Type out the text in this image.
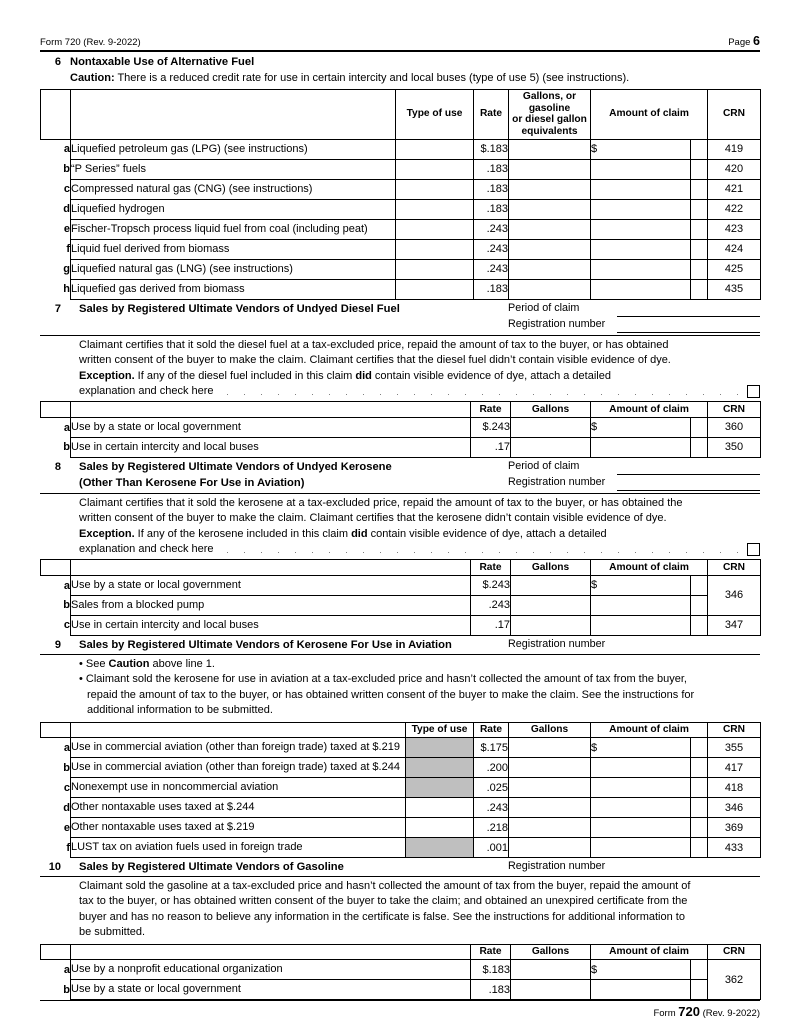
Form 720 (Rev. 9-2022)	Page 6
6 Nontaxable Use of Alternative Fuel
Caution: There is a reduced credit rate for use in certain intercity and local buses (type of use 5) (see instructions).
		Type of use	Rate	Gallons, or gasoline
or diesel gallon
equivalents	Amount of claim		CRN
a	Liquefied petroleum gas (LPG) (see instructions)		$.183		$		419
b	“P Series” fuels		.183				420
c	Compressed natural gas (CNG) (see instructions)		.183				421
d	Liquefied hydrogen		.183				422
e	Fischer-Tropsch process liquid fuel from coal (including peat)		.243				423
f	Liquid fuel derived from biomass		.243				424
g	Liquefied natural gas (LNG) (see instructions)		.243				425
h	Liquefied gas derived from biomass		.183				435
7	Sales by Registered Ultimate Vendors of Undyed Diesel Fuel	Period of claim
Registration number
Claimant certifies that it sold the diesel fuel at a tax-excluded price, repaid the amount of tax to the buyer, or has obtained
written consent of the buyer to make the claim. Claimant certifies that the diesel fuel didn’t contain visible evidence of dye.
Exception. If any of the diesel fuel included in this claim did contain visible evidence of dye, attach a detailed
explanation and check here
		Rate	Gallons	Amount of claim		CRN
a	Use by a state or local government	$.243		$		360
b	Use in certain intercity and local buses	.17				350
8	Sales by Registered Ultimate Vendors of Undyed Kerosene
(Other Than Kerosene For Use in Aviation)
Period of claim
Registration number
Claimant certifies that it sold the kerosene at a tax-excluded price, repaid the amount of tax to the buyer, or has obtained the
written consent of the buyer to make the claim. Claimant certifies that the kerosene didn’t contain visible evidence of dye.
Exception. If any of the kerosene included in this claim did contain visible evidence of dye, attach a detailed
explanation and check here
		Rate	Gallons	Amount of claim		CRN
a	Use by a state or local government	$.243		$		346
b	Sales from a blocked pump	.243				
c	Use in certain intercity and local buses	.17				347
9	Sales by Registered Ultimate Vendors of Kerosene For Use in Aviation	Registration number
• See Caution above line 1.
• Claimant sold the kerosene for use in aviation at a tax-excluded price and hasn’t collected the amount of tax from the buyer,
repaid the amount of tax to the buyer, or has obtained written consent of the buyer to make the claim. See the instructions for
additional information to be submitted.
		Type of use	Rate	Gallons	Amount of claim		CRN
a	Use in commercial aviation (other than foreign trade) taxed at $.219		$.175		$		355
b	Use in commercial aviation (other than foreign trade) taxed at $.244		.200				417
c	Nonexempt use in noncommercial aviation		.025				418
d	Other nontaxable uses taxed at $.244		.243				346
e	Other nontaxable uses taxed at $.219		.218				369
f	LUST tax on aviation fuels used in foreign trade		.001				433
10	Sales by Registered Ultimate Vendors of Gasoline	Registration number
Claimant sold the gasoline at a tax-excluded price and hasn’t collected the amount of tax from the buyer, repaid the amount of
tax to the buyer, or has obtained written consent of the buyer to take the claim; and obtained an unexpired certificate from the
buyer and has no reason to believe any information in the certificate is false. See the instructions for additional information to
be submitted.
		Rate	Gallons	Amount of claim		CRN
a	Use by a nonprofit educational organization	$.183		$		362
b	Use by a state or local government	.183				
Form 720 (Rev. 9-2022)
